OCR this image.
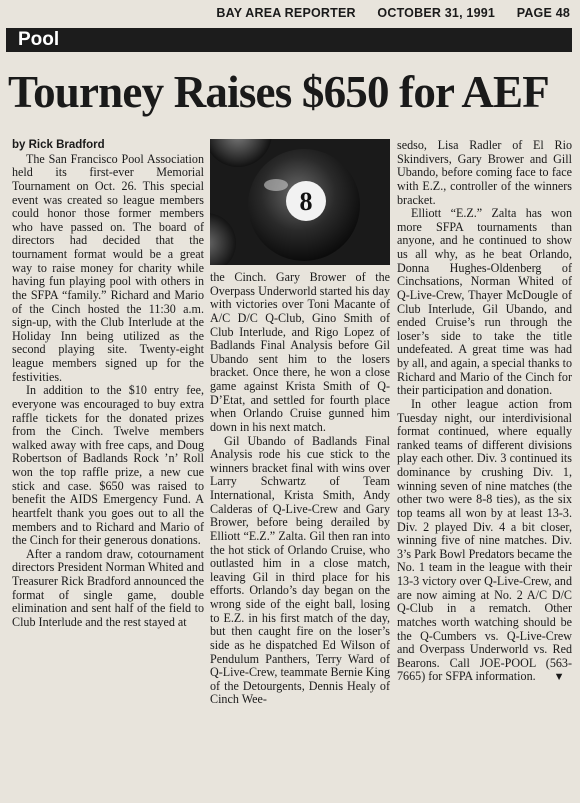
BAY AREA REPORTER OCTOBER 31, 1991 PAGE 48
Pool
Tourney Raises $650 for AEF

by Rick Bradford

The San Francisco Pool Association held its first-ever Memorial Tournament on Oct. 26. This special event was created so league members could honor those former members who have passed on. The board of directors had decided that the tournament format would be a great way to raise money for charity while having fun playing pool with others in the SFPA “family.” Richard and Mario of the Cinch hosted the 11:30 a.m. sign-up, with the Club Interlude at the Holiday Inn being utilized as the second playing site. Twenty-eight league members signed up for the festivities.

In addition to the $10 entry fee, everyone was encouraged to buy extra raffle tickets for the donated prizes from the Cinch. Twelve members walked away with free caps, and Doug Robertson of Badlands Rock ’n’ Roll won the top raffle prize, a new cue stick and case. $650 was raised to benefit the AIDS Emergency Fund. A heartfelt thank you goes out to all the members and to Richard and Mario of the Cinch for their generous donations.

After a random draw, cotournament directors President Norman Whited and Treasurer Rick Bradford announced the format of single game, double elimination and sent half of the field to Club Interlude and the rest stayed at

8

the Cinch. Gary Brower of the Overpass Underworld started his day with victories over Toni Macante of A/C D/C Q-Club, Gino Smith of Club Interlude, and Rigo Lopez of Badlands Final Analysis before Gil Ubando sent him to the losers bracket. Once there, he won a close game against Krista Smith of Q-D’Etat, and settled for fourth place when Orlando Cruise gunned him down in his next match.

Gil Ubando of Badlands Final Analysis rode his cue stick to the winners bracket final with wins over Larry Schwartz of Team International, Krista Smith, Andy Calderas of Q-Live-Crew and Gary Brower, before being derailed by Elliott “E.Z.” Zalta. Gil then ran into the hot stick of Orlando Cruise, who outlasted him in a close match, leaving Gil in third place for his efforts. Orlando’s day began on the wrong side of the eight ball, losing to E.Z. in his first match of the day, but then caught fire on the loser’s side as he dispatched Ed Wilson of Pendulum Panthers, Terry Ward of Q-Live-Crew, teammate Bernie King of the Detourgents, Dennis Healy of Cinch Wee-

sedso, Lisa Radler of El Rio Skindivers, Gary Brower and Gill Ubando, before coming face to face with E.Z., controller of the winners bracket.

Elliott “E.Z.” Zalta has won more SFPA tournaments than anyone, and he continued to show us all why, as he beat Orlando, Donna Hughes-Oldenberg of Cinchsations, Norman Whited of Q-Live-Crew, Thayer McDougle of Club Interlude, Gil Ubando, and ended Cruise’s run through the loser’s side to take the title undefeated. A great time was had by all, and again, a special thanks to Richard and Mario of the Cinch for their participation and donation.

In other league action from Tuesday night, our interdivisional format continued, where equally ranked teams of different divisions play each other. Div. 3 continued its dominance by crushing Div. 1, winning seven of nine matches (the other two were 8-8 ties), as the six top teams all won by at least 13-3. Div. 2 played Div. 4 a bit closer, winning five of nine matches. Div. 3’s Park Bowl Predators became the No. 1 team in the league with their 13-3 victory over Q-Live-Crew, and are now aiming at No. 2 A/C D/C Q-Club in a rematch. Other matches worth watching should be the Q-Cumbers vs. Q-Live-Crew and Overpass Underworld vs. Red Bearons. Call JOE-POOL (563-7665) for SFPA information. ▼
